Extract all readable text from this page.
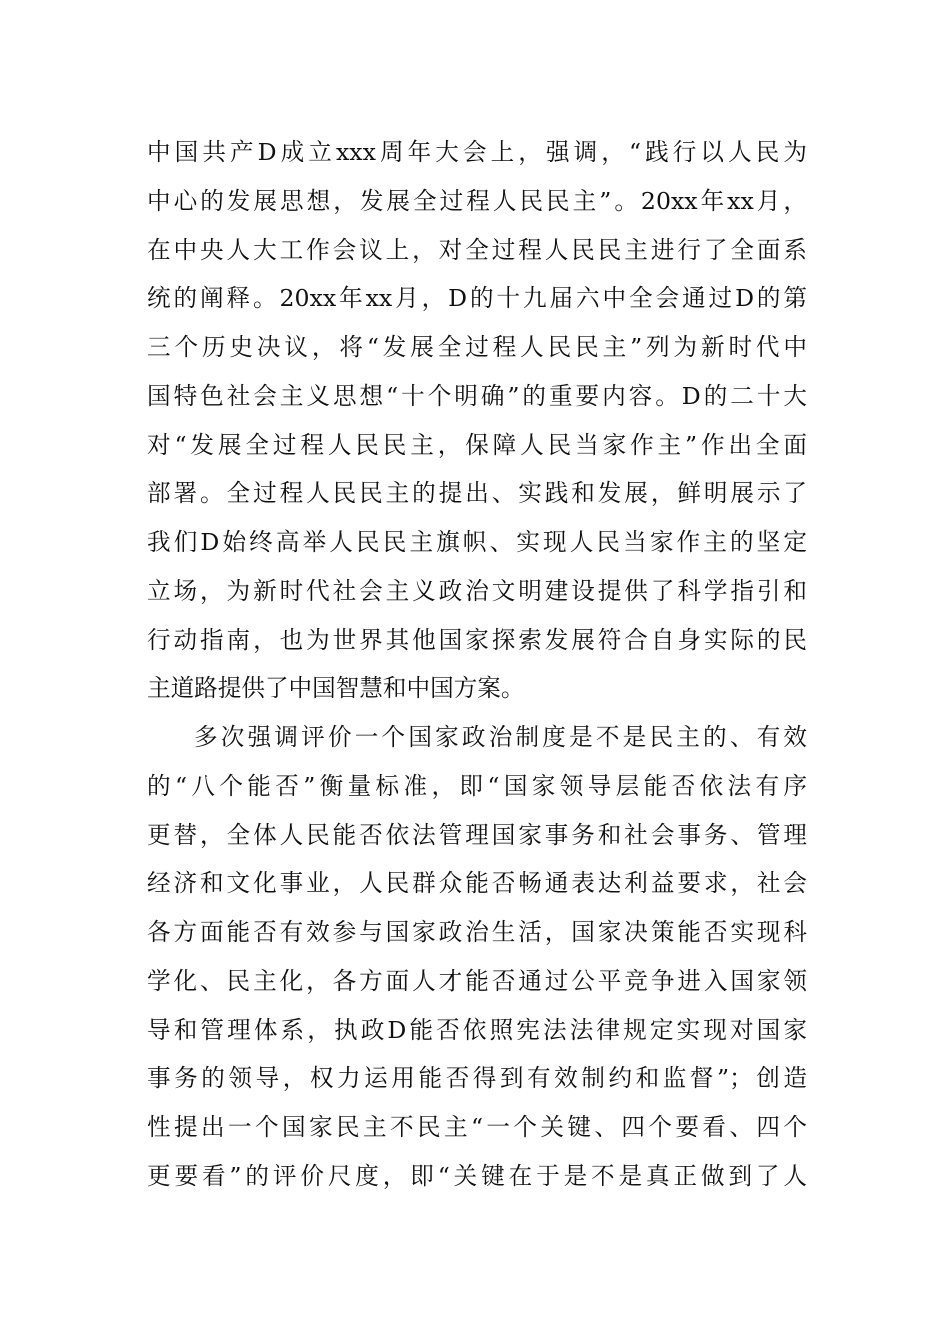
中国共产D成立xxx周年大会上，强调，“践行以人民为
中心的发展思想，发展全过程人民民主”。20xx年xx月，
在中央人大工作会议上，对全过程人民民主进行了全面系
统的阐释。20xx年xx月，D的十九届六中全会通过D的第
三个历史决议，将“发展全过程人民民主”列为新时代中
国特色社会主义思想“十个明确”的重要内容。D的二十大
对“发展全过程人民民主，保障人民当家作主”作出全面
部署。全过程人民民主的提出、实践和发展，鲜明展示了
我们D始终高举人民民主旗帜、实现人民当家作主的坚定
立场，为新时代社会主义政治文明建设提供了科学指引和
行动指南，也为世界其他国家探索发展符合自身实际的民
主道路提供了中国智慧和中国方案。
多次强调评价一个国家政治制度是不是民主的、有效
的“八个能否”衡量标准，即“国家领导层能否依法有序
更替，全体人民能否依法管理国家事务和社会事务、管理
经济和文化事业，人民群众能否畅通表达利益要求，社会
各方面能否有效参与国家政治生活，国家决策能否实现科
学化、民主化，各方面人才能否通过公平竞争进入国家领
导和管理体系，执政D能否依照宪法法律规定实现对国家
事务的领导，权力运用能否得到有效制约和监督”；创造
性提出一个国家民主不民主“一个关键、四个要看、四个
更要看”的评价尺度，即“关键在于是不是真正做到了人
